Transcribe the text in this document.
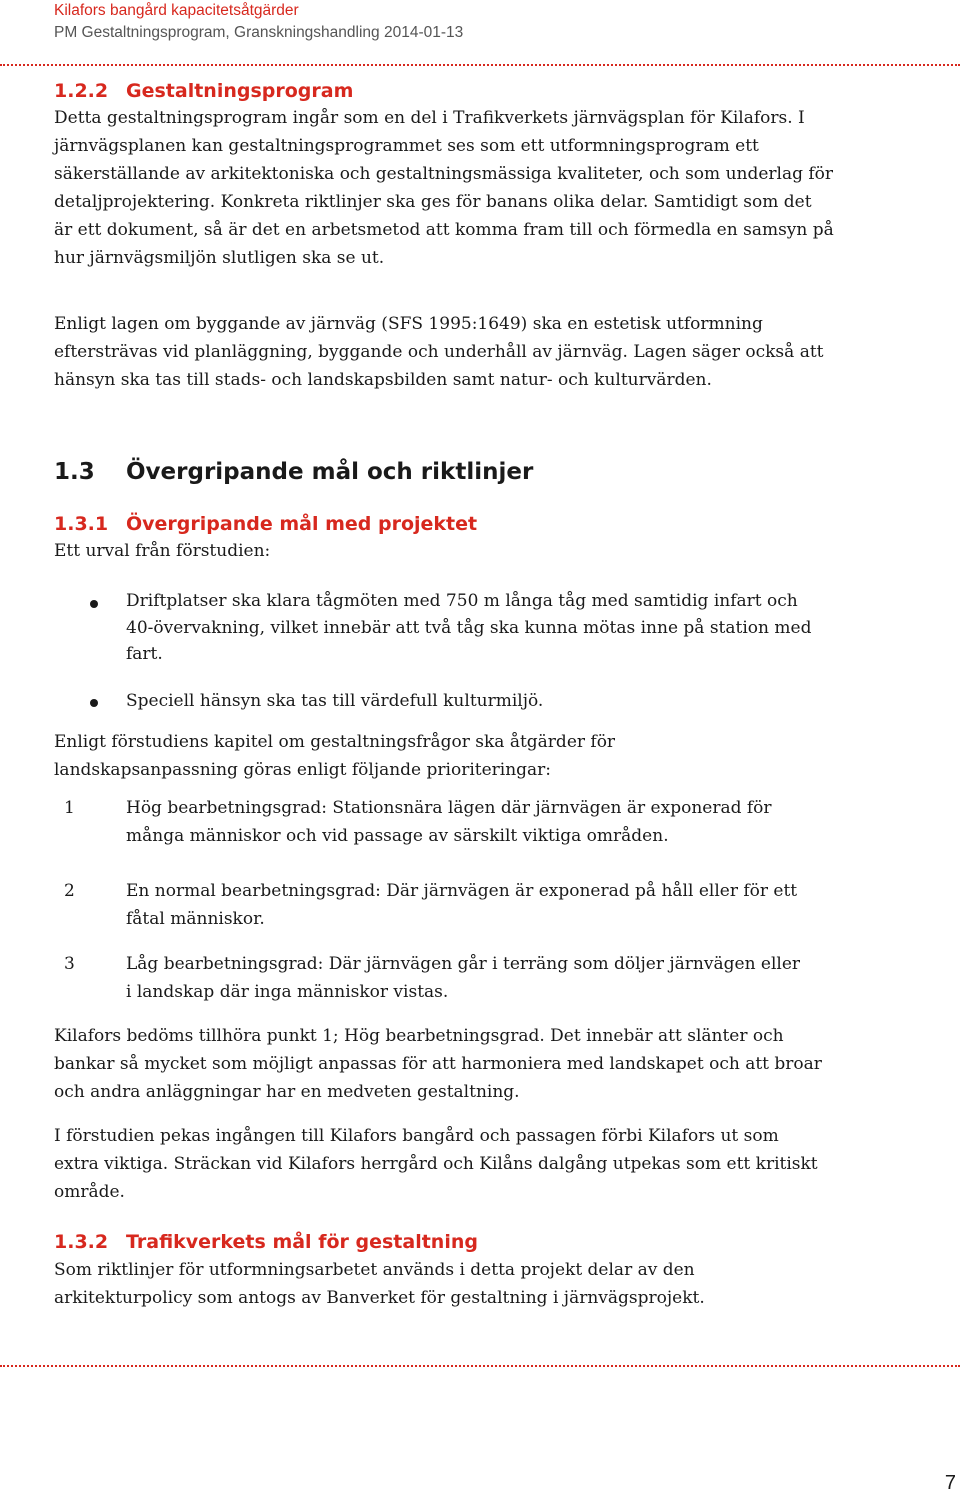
Kilafors bangård kapacitetsåtgärder
PM Gestaltningsprogram, Granskningshandling 2014-01-13
1.2.2 Gestaltningsprogram

Detta gestaltningsprogram ingår som en del i Trafikverkets järnvägsplan för Kilafors. I järnvägsplanen kan gestaltningsprogrammet ses som ett utformningsprogram ett säkerställande av arkitektoniska och gestaltningsmässiga kvaliteter, och som underlag för detaljprojektering. Konkreta riktlinjer ska ges för banans olika delar. Samtidigt som det är ett dokument, så är det en arbetsmetod att komma fram till och förmedla en samsyn på hur järnvägsmiljön slutligen ska se ut.

Enligt lagen om byggande av järnväg (SFS 1995:1649) ska en estetisk utformning eftersträvas vid planläggning, byggande och underhåll av järnväg. Lagen säger också att hänsyn ska tas till stads- och landskapsbilden samt natur- och kulturvärden.

1.3 Övergripande mål och riktlinjer
1.3.1 Övergripande mål med projektet

Ett urval från förstudien:

Driftplatser ska klara tågmöten med 750 m långa tåg med samtidig infart och 40-övervakning, vilket innebär att två tåg ska kunna mötas inne på station med fart.

Speciell hänsyn ska tas till värdefull kulturmiljö.

Enligt förstudiens kapitel om gestaltningsfrågor ska åtgärder för landskapsanpassning göras enligt följande prioriteringar:

1	Hög bearbetningsgrad: Stationsnära lägen där järnvägen är exponerad för många människor och vid passage av särskilt viktiga områden.

2	En normal bearbetningsgrad: Där järnvägen är exponerad på håll eller för ett fåtal människor.

3	Låg bearbetningsgrad: Där järnvägen går i terräng som döljer järnvägen eller i landskap där inga människor vistas.

Kilafors bedöms tillhöra punkt 1; Hög bearbetningsgrad. Det innebär att slänter och bankar så mycket som möjligt anpassas för att harmoniera med landskapet och att broar och andra anläggningar har en medveten gestaltning.

I förstudien pekas ingången till Kilafors bangård och passagen förbi Kilafors ut som extra viktiga. Sträckan vid Kilafors herrgård och Kilåns dalgång utpekas som ett kritiskt område.

1.3.2 Trafikverkets mål för gestaltning

Som riktlinjer för utformningsarbetet används i detta projekt delar av den arkitekturpolicy som antogs av Banverket för gestaltning i järnvägsprojekt.

7
